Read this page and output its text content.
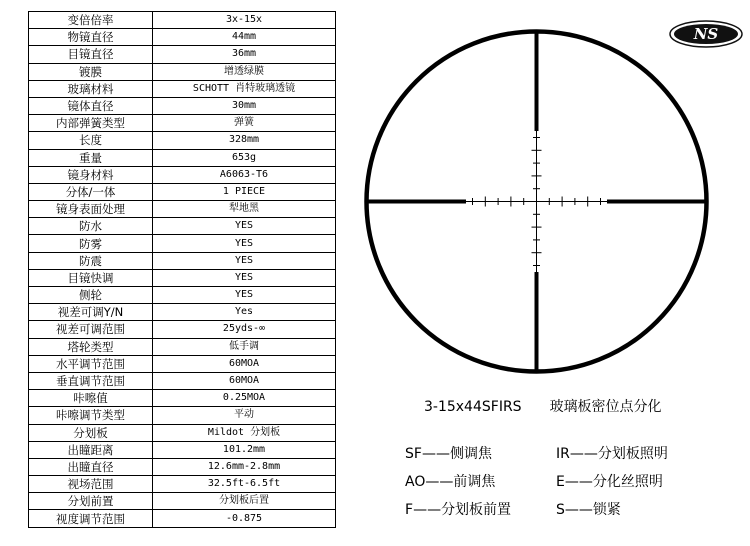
变倍倍率	3x-15x
物镜直径	44mm
目镜直径	36mm
镀膜	增透绿膜
玻璃材料	SCHOTT 肖特玻璃透镜
镜体直径	30mm
内部弹簧类型	弹簧
长度	328mm
重量	653g
镜身材料	A6063-T6
分体/一体	1 PIECE
镜身表面处理	犁地黑
防水	YES
防雾	YES
防震	YES
目镜快调	YES
侧轮	YES
视差可调Y/N	Yes
视差可调范围	25yds-∞
塔轮类型	低手调
水平调节范围	60MOA
垂直调节范围	60MOA
咔嚓值	0.25MOA
咔嚓调节类型	平动
分划板	Mildot 分划板
出瞳距离	101.2mm
出瞳直径	12.6mm-2.8mm
视场范围	32.5ft-6.5ft
分划前置	分划板后置
视度调节范围	-0.875
NS
3-15x44SFIRS 玻璃板密位点分化
SF——侧调焦	IR——分划板照明
AO——前调焦	E——分化丝照明
F——分划板前置	S——锁紧
